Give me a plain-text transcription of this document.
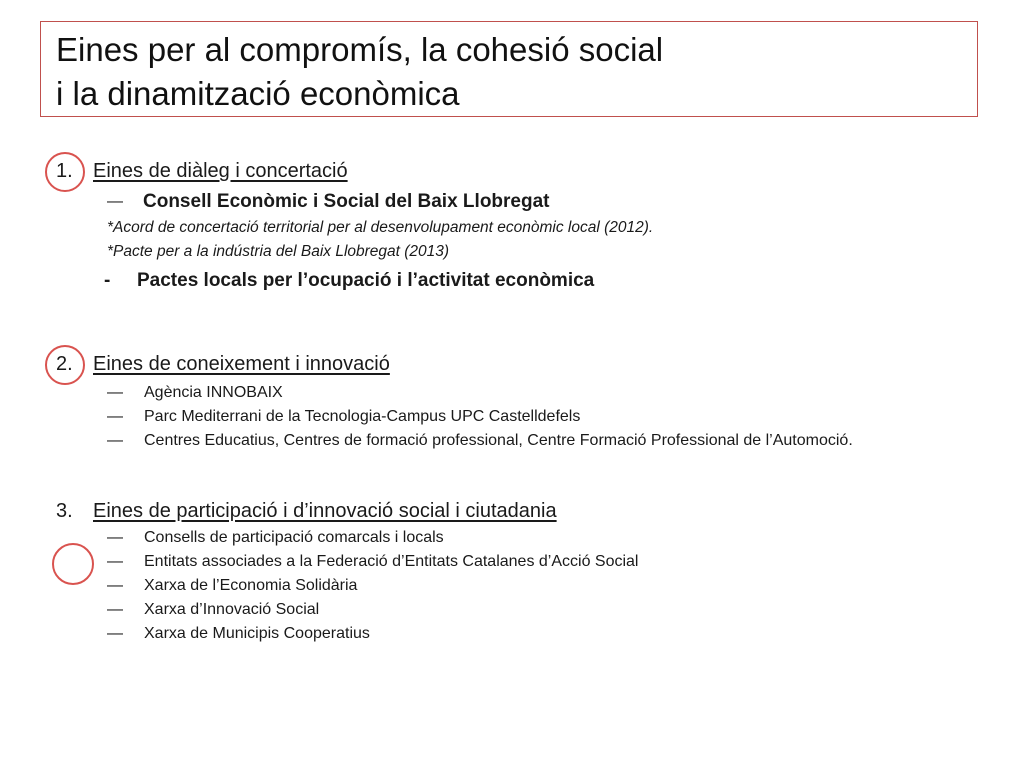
Eines per al compromís, la cohesió social
i la dinamització econòmica
1. Eines de diàleg i concertació
— Consell Econòmic i Social del Baix Llobregat
*Acord de concertació territorial per al desenvolupament econòmic local (2012).
*Pacte per a la indústria del Baix Llobregat (2013)
- Pactes locals per l’ocupació i l’activitat econòmica
2. Eines de coneixement i innovació
— Agència INNOBAIX
— Parc Mediterrani de la Tecnologia-Campus UPC Castelldefels
— Centres Educatius, Centres de formació professional, Centre Formació Professional de l’Automoció.
3. Eines de participació i d’innovació social i ciutadania
— Consells de participació comarcals i locals
— Entitats associades a la Federació d’Entitats Catalanes d’Acció Social
— Xarxa de l’Economia Solidària
— Xarxa d’Innovació Social
— Xarxa de Municipis Cooperatius
